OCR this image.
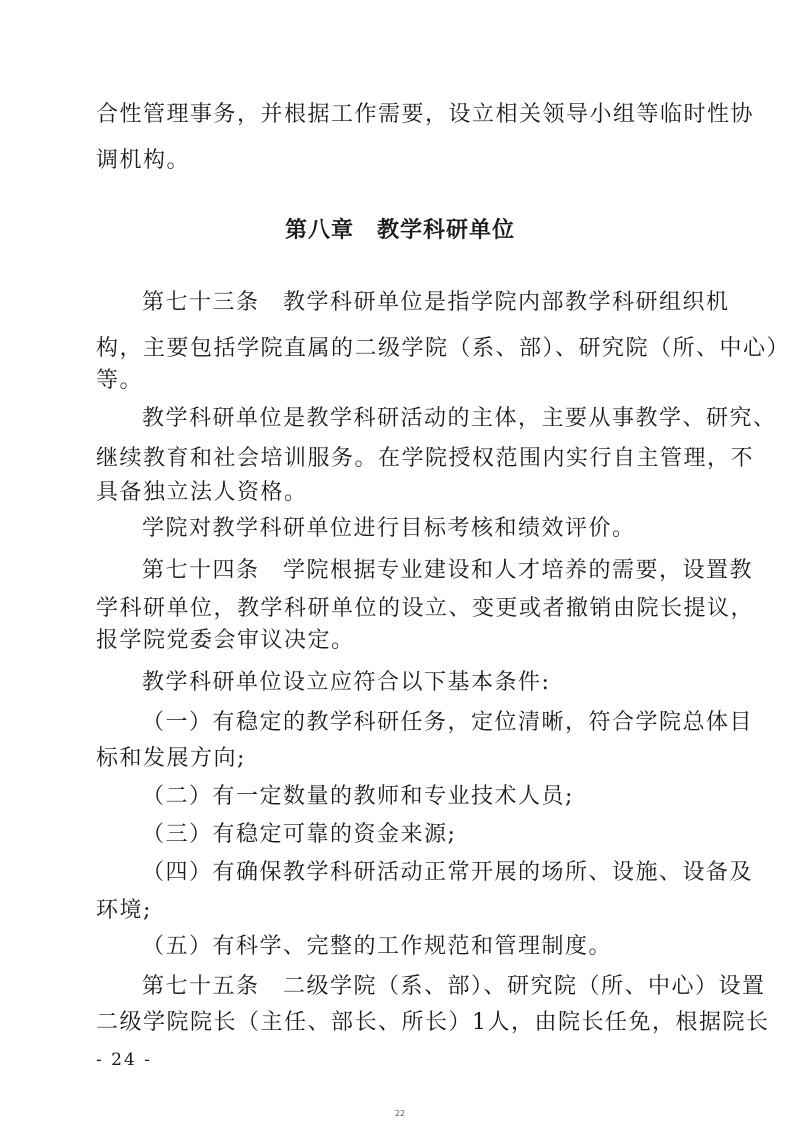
合性管理事务，并根据工作需要，设立相关领导小组等临时性协
调机构。
第八章　教学科研单位
第七十三条　教学科研单位是指学院内部教学科研组织机
构，主要包括学院直属的二级学院（系、部）、研究院（所、中心）
等。
教学科研单位是教学科研活动的主体，主要从事教学、研究、
继续教育和社会培训服务。在学院授权范围内实行自主管理，不
具备独立法人资格。
学院对教学科研单位进行目标考核和绩效评价。
第七十四条　学院根据专业建设和人才培养的需要，设置教
学科研单位，教学科研单位的设立、变更或者撤销由院长提议，
报学院党委会审议决定。
教学科研单位设立应符合以下基本条件:
（一）有稳定的教学科研任务，定位清晰，符合学院总体目
标和发展方向;
（二）有一定数量的教师和专业技术人员;
（三）有稳定可靠的资金来源;
（四）有确保教学科研活动正常开展的场所、设施、设备及
环境;
（五）有科学、完整的工作规范和管理制度。
第七十五条　二级学院（系、部）、研究院（所、中心）设置
二级学院院长（主任、部长、所长）1人，由院长任免，根据院长
- 24 -
22
